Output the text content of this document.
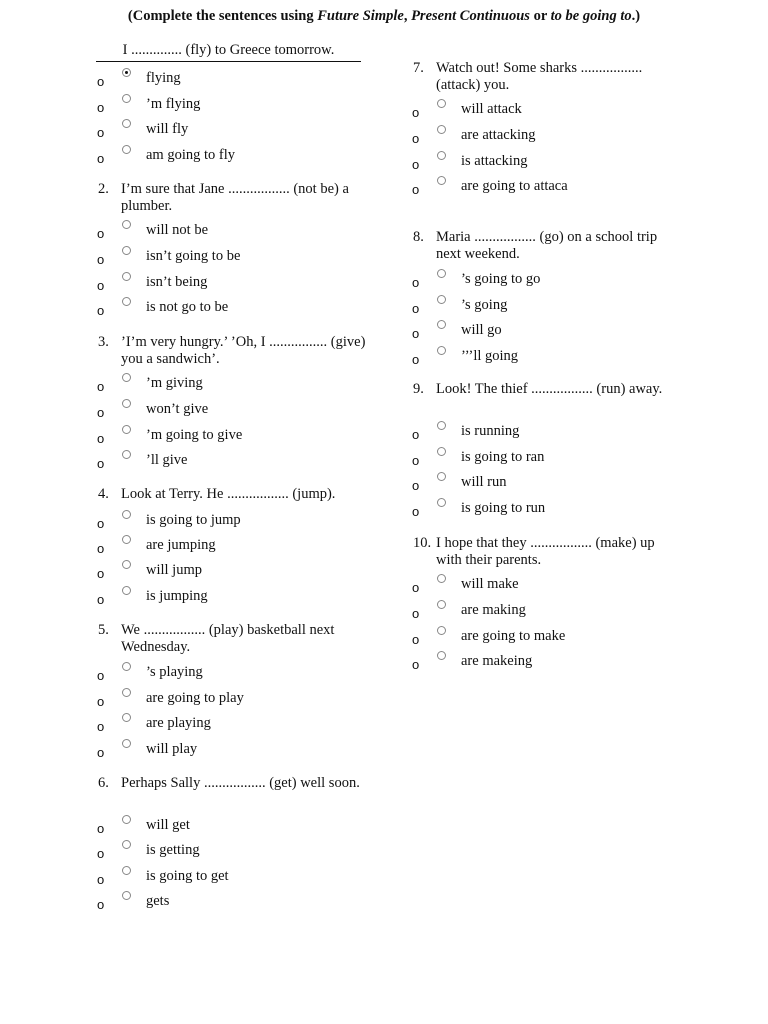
(Complete the sentences using Future Simple, Present Continuous or to be going to.)
I .............. (fly) to Greece tomorrow.
o	flying
o	’m flying
o	will fly
o	am going to fly
2. I’m sure that Jane ................. (not be) a plumber.
o	will not be
o	isn’t going to be
o	isn’t being
o	is not go to be
3. ’I’m very hungry.’ ’Oh, I ................ (give) you a sandwich’.
o	’m giving
o	won’t give
o	’m going to give
o	’ll give
4. Look at Terry. He ................. (jump).
o	is going to jump
o	are jumping
o	will jump
o	is jumping
5. We ................. (play) basketball next Wednesday.
o	’s playing
o	are going to play
o	are playing
o	will play
6. Perhaps Sally ................. (get) well soon.
o	will get
o	is getting
o	is going to get
o	gets
7. Watch out! Some sharks ................. (attack) you.
o	will attack
o	are attacking
o	is attacking
o	are going to attaca
8. Maria ................. (go) on a school trip next weekend.
o	’s going to go
o	’s going
o	will go
o	’’’ll going
9. Look! The thief ................. (run) away.
o	is running
o	is going to ran
o	will run
o	is going to run
10. I hope that they ................. (make) up with their parents.
o	will make
o	are making
o	are going to make
o	are makeing
